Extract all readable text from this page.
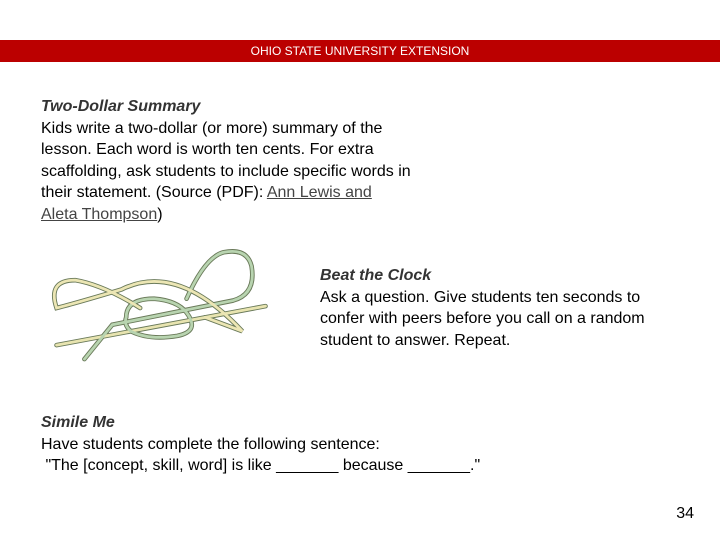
OHIO STATE UNIVERSITY EXTENSION
Two-Dollar Summary
Kids write a two-dollar (or more) summary of the lesson. Each word is worth ten cents. For extra scaffolding, ask students to include specific words in their statement. (Source (PDF): Ann Lewis and Aleta Thompson)
Beat the Clock
Ask a question. Give students ten seconds to confer with peers before you call on a random student to answer. Repeat.
Simile Me
Have students complete the following sentence:
"The [concept, skill, word] is like _______ because _______."
34
